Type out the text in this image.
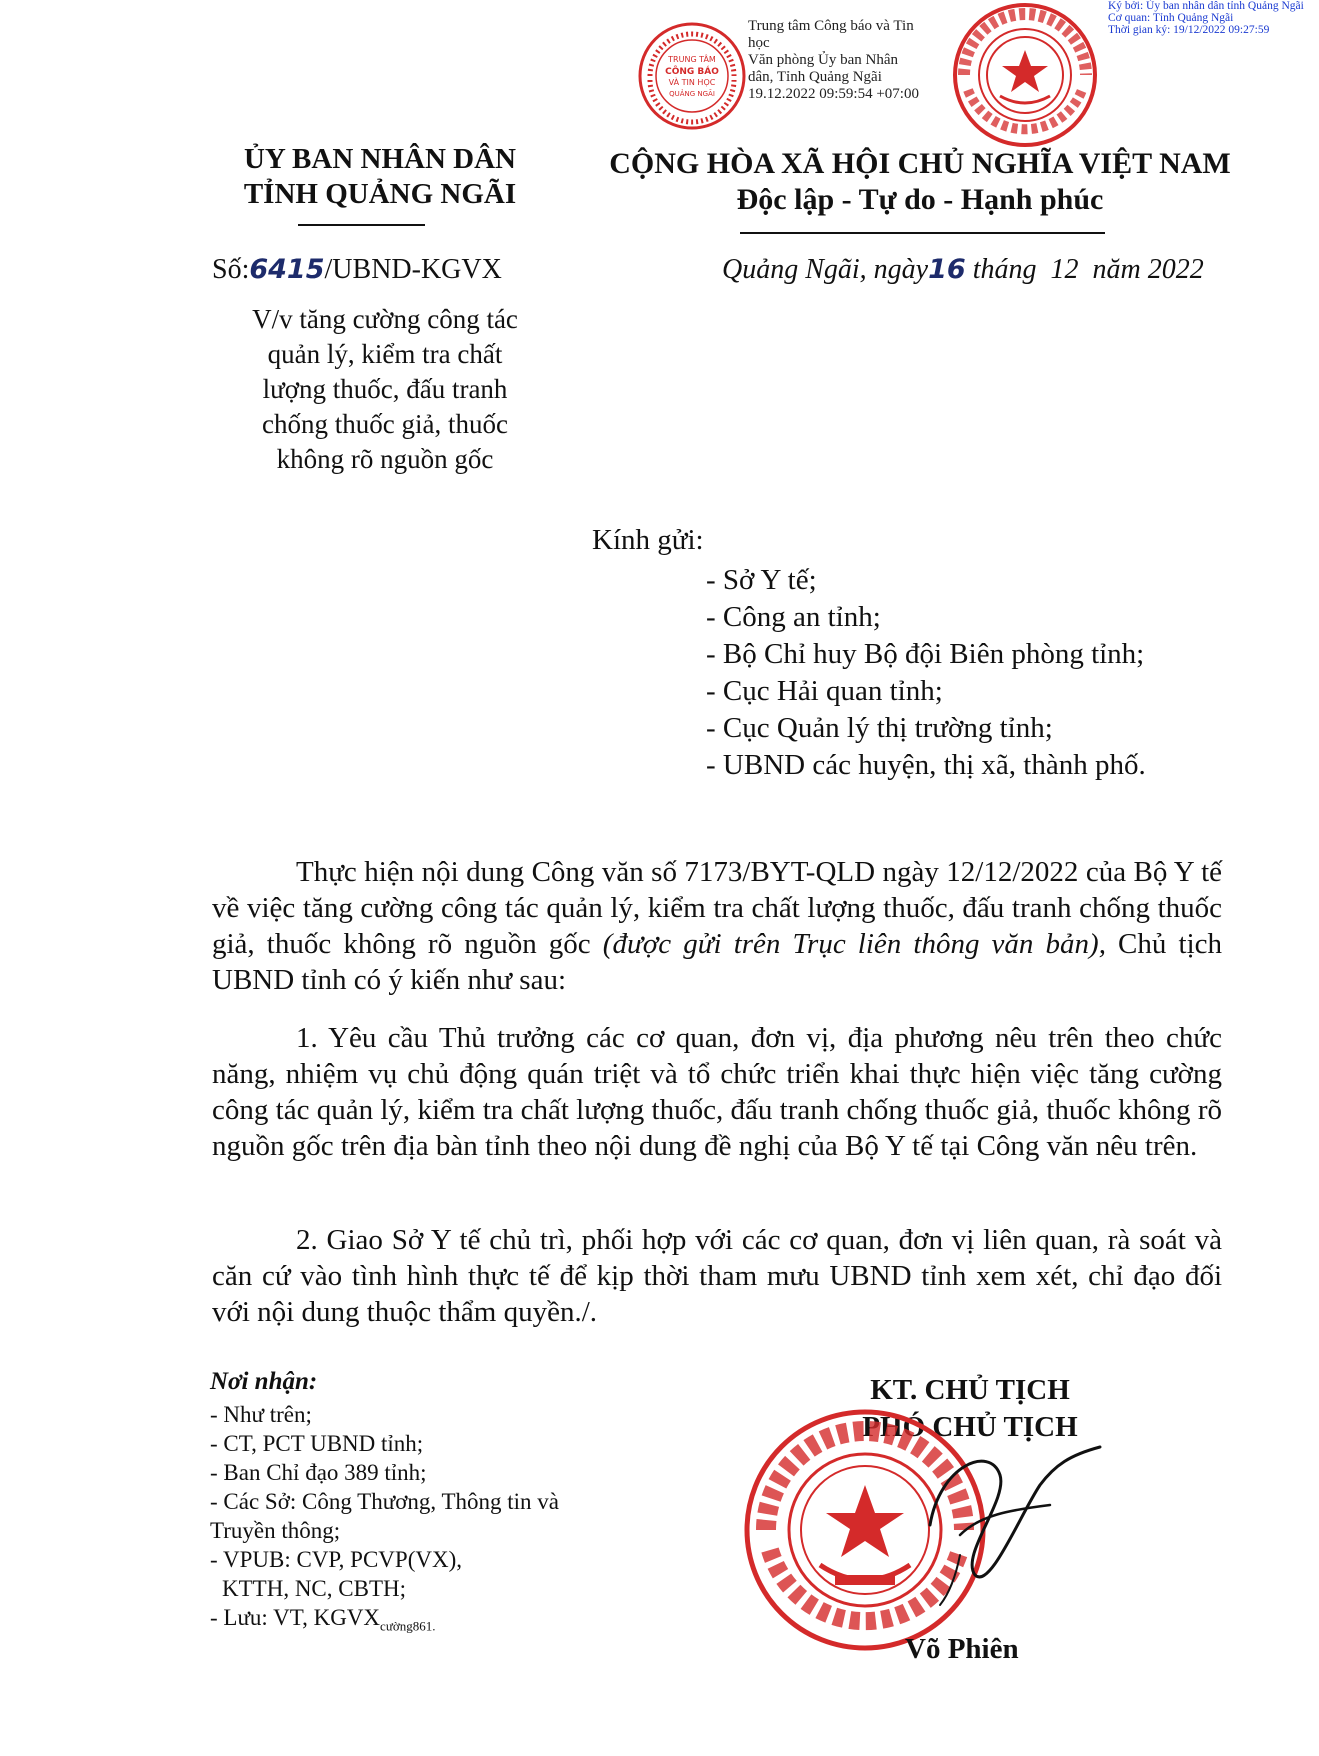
Ký bởi: Ủy ban nhân dân tỉnh Quảng Ngãi
Cơ quan: Tỉnh Quảng Ngãi
Thời gian ký: 19/12/2022 09:27:59
TRUNG TÂM
CÔNG BÁO
VÀ TIN HỌC
QUẢNG NGÃI
Trung tâm Công báo và Tin
học
Văn phòng Ủy ban Nhân
dân, Tỉnh Quảng Ngãi
19.12.2022 09:59:54 +07:00
ỦY BAN NHÂN DÂN
TỈNH QUẢNG NGÃI
CỘNG HÒA XÃ HỘI CHỦ NGHĨA VIỆT NAM
Độc lập - Tự do - Hạnh phúc
Số:6415/UBND-KGVX	Quảng Ngãi, ngày16 tháng  12  năm 2022
V/v tăng cường công tác
quản lý, kiểm tra chất
lượng thuốc, đấu tranh
chống thuốc giả, thuốc
không rõ nguồn gốc
Kính gửi:
- Sở Y tế;
- Công an tỉnh;
- Bộ Chỉ huy Bộ đội Biên phòng tỉnh;
- Cục Hải quan tỉnh;
- Cục Quản lý thị trường tỉnh;
- UBND các huyện, thị xã, thành phố.

Thực hiện nội dung Công văn số 7173/BYT-QLD ngày 12/12/2022 của Bộ Y tế về việc tăng cường công tác quản lý, kiểm tra chất lượng thuốc, đấu tranh chống thuốc giả, thuốc không rõ nguồn gốc (được gửi trên Trục liên thông văn bản), Chủ tịch UBND tỉnh có ý kiến như sau:

1. Yêu cầu Thủ trưởng các cơ quan, đơn vị, địa phương nêu trên theo chức năng, nhiệm vụ chủ động quán triệt và tổ chức triển khai thực hiện việc tăng cường công tác quản lý, kiểm tra chất lượng thuốc, đấu tranh chống thuốc giả, thuốc không rõ nguồn gốc trên địa bàn tỉnh theo nội dung đề nghị của Bộ Y tế tại Công văn nêu trên.

2. Giao Sở Y tế chủ trì, phối hợp với các cơ quan, đơn vị liên quan, rà soát và căn cứ vào tình hình thực tế để kịp thời tham mưu UBND tỉnh xem xét, chỉ đạo đối với nội dung thuộc thẩm quyền./.

Nơi nhận:
- Như trên;
- CT, PCT UBND tỉnh;
- Ban Chỉ đạo 389 tỉnh;
- Các Sở: Công Thương, Thông tin và
Truyền thông;
- VPUB: CVP, PCVP(VX),
KTTH, NC, CBTH;
- Lưu: VT, $KGVX_{cường861.}$
KT. CHỦ TỊCH
PHÓ CHỦ TỊCH
Võ Phiên
